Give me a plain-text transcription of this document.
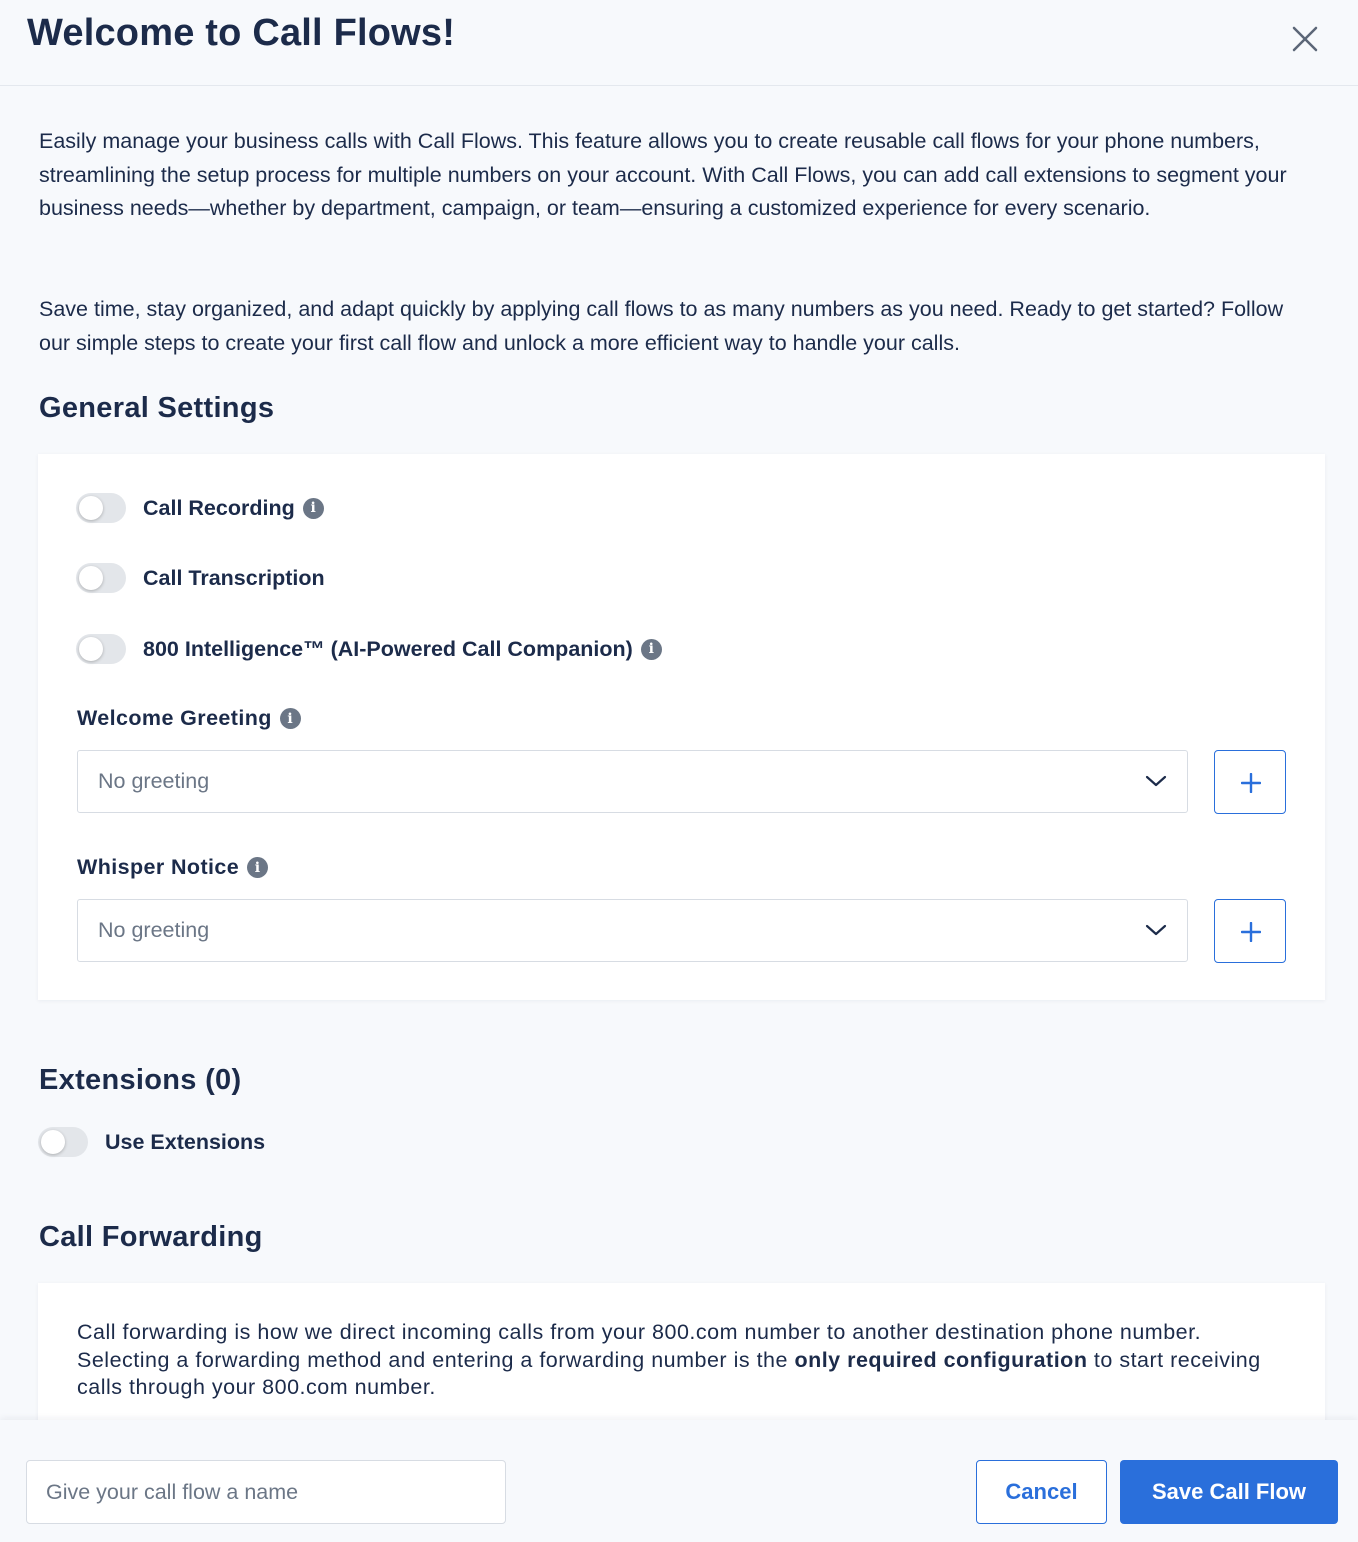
Welcome to Call Flows!

Easily manage your business calls with Call Flows. This feature allows you to create reusable call flows for your phone numbers, streamlining the setup process for multiple numbers on your account. With Call Flows, you can add call extensions to segment your business needs—whether by department, campaign, or team—ensuring a customized experience for every scenario.

Save time, stay organized, and adapt quickly by applying call flows to as many numbers as you need. Ready to get started? Follow our simple steps to create your first call flow and unlock a more efficient way to handle your calls.

General Settings
Call Recording	i
Call Transcription
800 Intelligence™ (AI-Powered Call Companion)	i
Welcome Greeting	i
No greeting
Whisper Notice	i
No greeting
Extensions (0)
Use Extensions
Call Forwarding

Call forwarding is how we direct incoming calls from your 800.com number to another destination phone number. Selecting a forwarding method and entering a forwarding number is the only required configuration to start receiving calls through your 800.com number.

Give your call flow a name
Cancel	Save Call Flow
